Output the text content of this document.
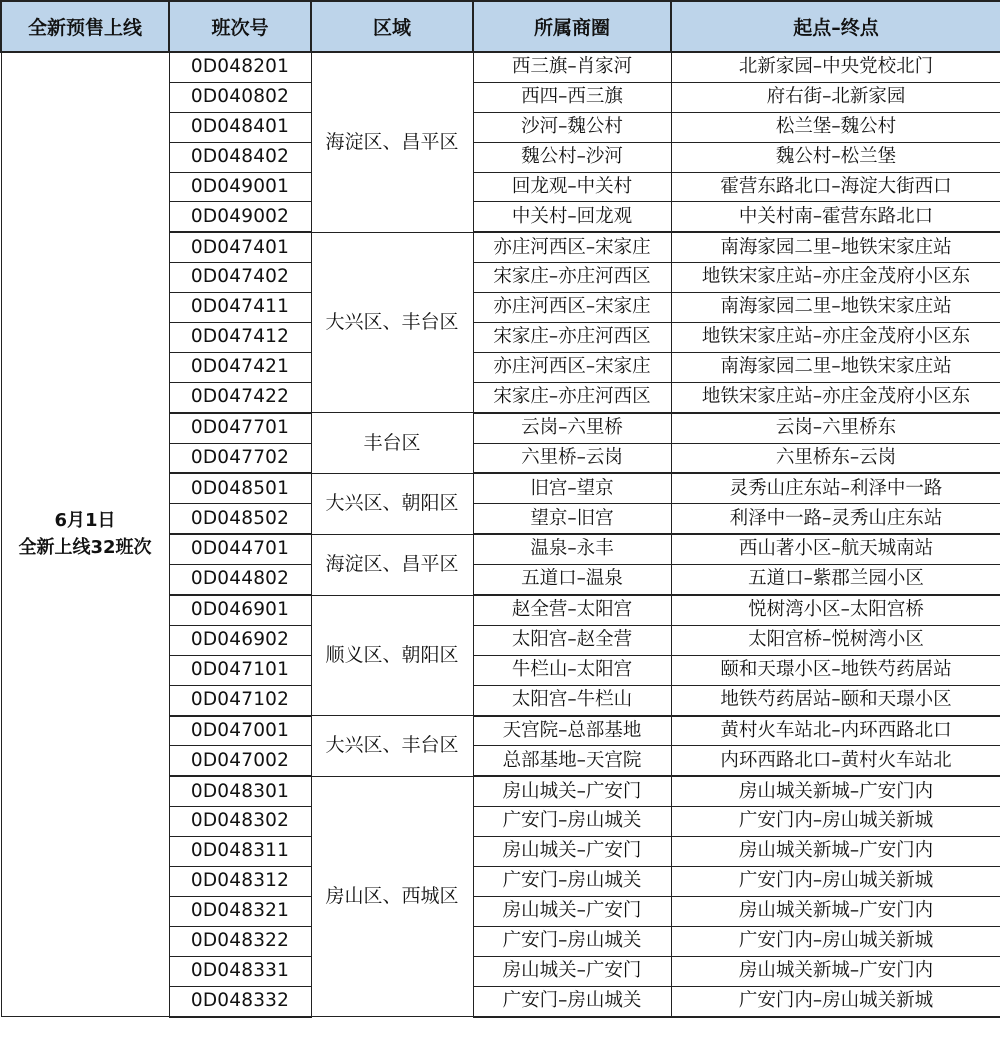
全新预售上线	班次号	区域	所属商圈	起点–终点

6月1日
全新上线32班次	0D048201	海淀区、昌平区	西三旗–肖家河	北新家园–中央党校北门
	0D040802		西四–西三旗	府右街–北新家园
	0D048401		沙河–魏公村	松兰堡–魏公村
	0D048402		魏公村–沙河	魏公村–松兰堡
	0D049001		回龙观–中关村	霍营东路北口–海淀大街西口
	0D049002		中关村–回龙观	中关村南–霍营东路北口
	0D047401	大兴区、丰台区	亦庄河西区–宋家庄	南海家园二里–地铁宋家庄站
	0D047402		宋家庄–亦庄河西区	地铁宋家庄站–亦庄金茂府小区东
	0D047411		亦庄河西区–宋家庄	南海家园二里–地铁宋家庄站
	0D047412		宋家庄–亦庄河西区	地铁宋家庄站–亦庄金茂府小区东
	0D047421		亦庄河西区–宋家庄	南海家园二里–地铁宋家庄站
	0D047422		宋家庄–亦庄河西区	地铁宋家庄站–亦庄金茂府小区东
	0D047701	丰台区	云岗–六里桥	云岗–六里桥东
	0D047702		六里桥–云岗	六里桥东–云岗
	0D048501	大兴区、朝阳区	旧宫–望京	灵秀山庄东站–利泽中一路
	0D048502		望京–旧宫	利泽中一路–灵秀山庄东站
	0D044701	海淀区、昌平区	温泉–永丰	西山著小区–航天城南站
	0D044802		五道口–温泉	五道口–紫郡兰园小区
	0D046901	顺义区、朝阳区	赵全营–太阳宫	悦树湾小区–太阳宫桥
	0D046902		太阳宫–赵全营	太阳宫桥–悦树湾小区
	0D047101		牛栏山–太阳宫	颐和天璟小区–地铁芍药居站
	0D047102		太阳宫–牛栏山	地铁芍药居站–颐和天璟小区
	0D047001	大兴区、丰台区	天宫院–总部基地	黄村火车站北–内环西路北口
	0D047002		总部基地–天宫院	内环西路北口–黄村火车站北
	0D048301	房山区、西城区	房山城关–广安门	房山城关新城–广安门内
	0D048302		广安门–房山城关	广安门内–房山城关新城
	0D048311		房山城关–广安门	房山城关新城–广安门内
	0D048312		广安门–房山城关	广安门内–房山城关新城
	0D048321		房山城关–广安门	房山城关新城–广安门内
	0D048322		广安门–房山城关	广安门内–房山城关新城
	0D048331		房山城关–广安门	房山城关新城–广安门内
	0D048332		广安门–房山城关	广安门内–房山城关新城
